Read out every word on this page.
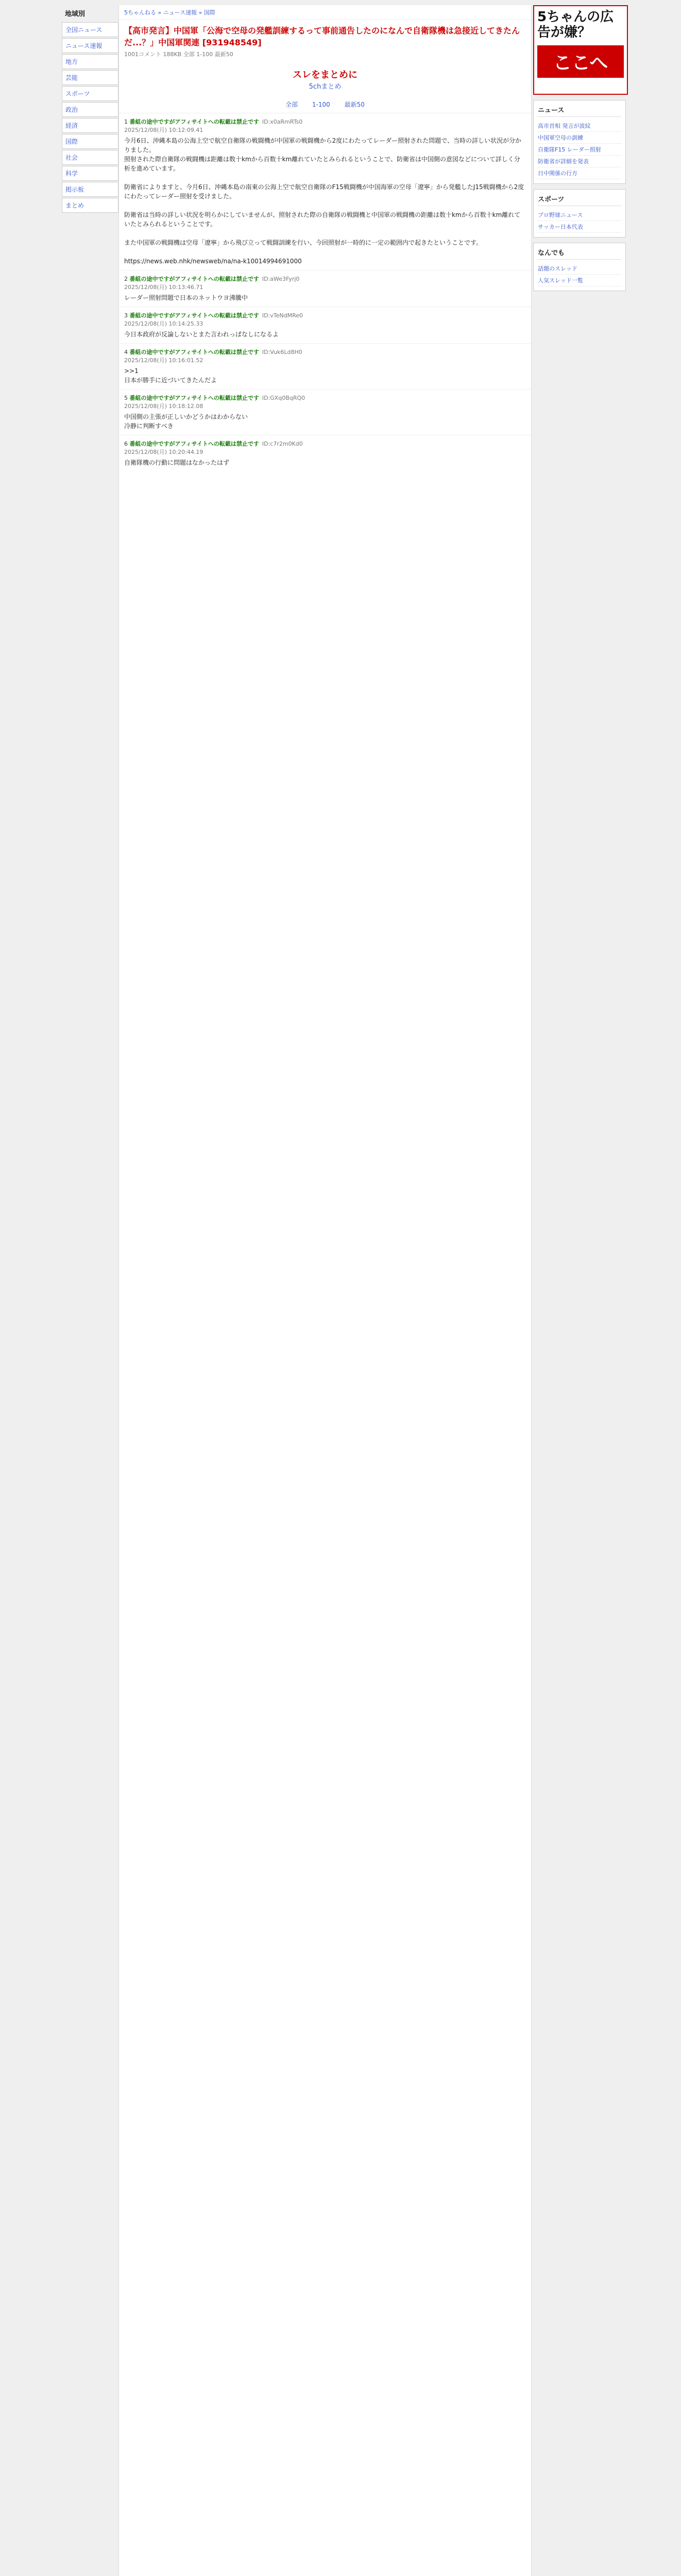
地域別
全国ニュース
ニュース速報
地方
芸能
スポーツ
政治
経済
国際
社会
科学
掲示板
まとめ
5ちゃんねる » ニュース速報 » 国際
【高市発言】中国軍「公海で空母の発艦訓練するって事前通告したのになんで自衛隊機は急接近してきたんだ...？」中国軍関連 [931948549]
1001コメント 188KB 全部 1-100 最新50
スレをまとめに
5chまとめ
全部 1-100 最新50
1 番組の途中ですがアフィサイトへの転載は禁止です ID:x0aRmRTs0
2025/12/08(月) 10:12:09.41
今月6日、沖縄本島の公海上空で航空自衛隊の戦闘機が中国軍の戦闘機から2度にわたってレーダー照射された問題で、当時の詳しい状況が分かりました。
照射された際自衛隊の戦闘機は距離は数十kmから百数十km離れていたとみられるということで、防衛省は中国側の意図などについて詳しく分析を進めています。

防衛省によりますと、今月6日、沖縄本島の南東の公海上空で航空自衛隊のF15戦闘機が中国海軍の空母「遼寧」から発艦したJ15戦闘機から2度にわたってレーダー照射を受けました。

防衛省は当時の詳しい状況を明らかにしていませんが、照射された際の自衛隊の戦闘機と中国軍の戦闘機の距離は数十kmから百数十km離れていたとみられるということです。

また中国軍の戦闘機は空母「遼寧」から飛び立って戦闘訓練を行い、今回照射が一時的に一定の範囲内で起きたということです。

https://news.web.nhk/newsweb/na/na-k10014994691000
2 番組の途中ですがアフィサイトへの転載は禁止です ID:aWe3Fyrj0
2025/12/08(月) 10:13:46.71
レーダー照射問題で日本のネットウヨ沸騰中
3 番組の途中ですがアフィサイトへの転載は禁止です ID:vTeNdMRe0
2025/12/08(月) 10:14:25.33
今日本政府が反論しないとまた言われっぱなしになるよ
4 番組の途中ですがアフィサイトへの転載は禁止です ID:Vuk6Ld8H0
2025/12/08(月) 10:16:01.52
>>1
日本が勝手に近づいてきたんだよ
5 番組の途中ですがアフィサイトへの転載は禁止です ID:GXq0BqRQ0
2025/12/08(月) 10:18:12.08
中国側の主張が正しいかどうかはわからない
冷静に判断すべき
6 番組の途中ですがアフィサイトへの転載は禁止です ID:c7r2m0Kd0
2025/12/08(月) 10:20:44.19
自衛隊機の行動に問題はなかったはず
5ちゃんの広告が嫌？
ここへ
ニュース
高市首相 発言が波紋
中国軍空母の訓練
自衛隊F15 レーダー照射
防衛省が詳細を発表
日中関係の行方
スポーツ
プロ野球ニュース
サッカー日本代表
なんでも
話題のスレッド
人気スレッド一覧
